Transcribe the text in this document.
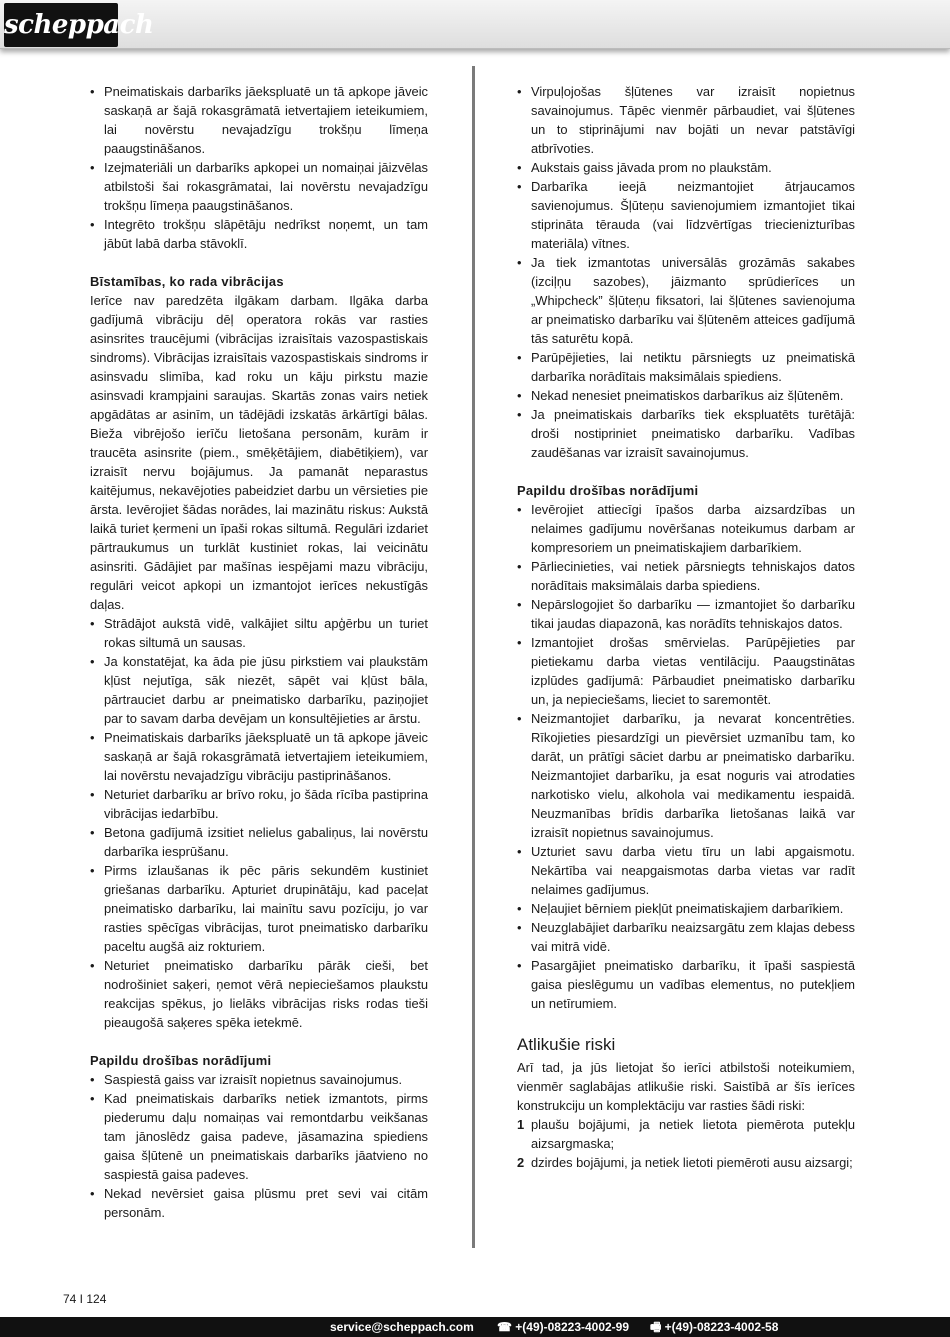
scheppach
• Pneimatiskais darbarīks jāekspluatē un tā apkope jāveic saskaņā ar šajā rokasgrāmatā ietvertajiem ieteikumiem, lai novērstu nevajadzīgu trokšņu līmeņa paaugstināšanos.
• Izejmateriāli un darbarīks apkopei un nomaiņai jāizvēlas atbilstoši šai rokasgrāmatai, lai novērstu nevajadzīgu trokšņu līmeņa paaugstināšanos.
• Integrēto trokšņu slāpētāju nedrīkst noņemt, un tam jābūt labā darba stāvoklī.
Bīstamības, ko rada vibrācijas

Ierīce nav paredzēta ilgākam darbam. Ilgāka darba gadījumā vibrāciju dēļ operatora rokās var rasties asinsrites traucējumi (vibrācijas izraisītais vazospastiskais sindroms). Vibrācijas izraisītais vazospastiskais sindroms ir asinsvadu slimība, kad roku un kāju pirkstu mazie asinsvadi krampjaini saraujas. Skartās zonas vairs netiek apgādātas ar asinīm, un tādējādi izskatās ārkārtīgi bālas. Bieža vibrējošo ierīču lietošana personām, kurām ir traucēta asinsrite (piem., smēķētājiem, diabētiķiem), var izraisīt nervu bojājumus. Ja pamanāt neparastus kaitējumus, nekavējoties pabeidziet darbu un vērsieties pie ārsta. Ievērojiet šādas norādes, lai mazinātu riskus: Aukstā laikā turiet ķermeni un īpaši rokas siltumā. Regulāri izdariet pārtraukumus un turklāt kustiniet rokas, lai veicinātu asinsriti. Gādājiet par mašīnas iespējami mazu vibrāciju, regulāri veicot apkopi un izmantojot ierīces nekustīgās daļas.

• Strādājot aukstā vidē, valkājiet siltu apģērbu un turiet rokas siltumā un sausas.
• Ja konstatējat, ka āda pie jūsu pirkstiem vai plaukstām kļūst nejutīga, sāk niezēt, sāpēt vai kļūst bāla, pārtrauciet darbu ar pneimatisko darbarīku, paziņojiet par to savam darba devējam un konsultējieties ar ārstu.
• Pneimatiskais darbarīks jāekspluatē un tā apkope jāveic saskaņā ar šajā rokasgrāmatā ietvertajiem ieteikumiem, lai novērstu nevajadzīgu vibrāciju pastiprināšanos.
• Neturiet darbarīku ar brīvo roku, jo šāda rīcība pastiprina vibrācijas iedarbību.
• Betona gadījumā izsitiet nelielus gabaliņus, lai novērstu darbarīka iesprūšanu.
• Pirms izlaušanas ik pēc pāris sekundēm kustiniet griešanas darbarīku. Apturiet drupinātāju, kad paceļat pneimatisko darbarīku, lai mainītu savu pozīciju, jo var rasties spēcīgas vibrācijas, turot pneimatisko darbarīku paceltu augšā aiz rokturiem.
• Neturiet pneimatisko darbarīku pārāk cieši, bet nodrošiniet saķeri, ņemot vērā nepieciešamos plaukstu reakcijas spēkus, jo lielāks vibrācijas risks rodas tieši pieaugošā saķeres spēka ietekmē.
Papildu drošības norādījumi
• Saspiestā gaiss var izraisīt nopietnus savainojumus.
• Kad pneimatiskais darbarīks netiek izmantots, pirms piederumu daļu nomaiņas vai remontdarbu veikšanas tam jānoslēdz gaisa padeve, jāsamazina spiediens gaisa šļūtenē un pneimatiskais darbarīks jāatvieno no saspiestā gaisa padeves.
• Nekad nevērsiet gaisa plūsmu pret sevi vai citām personām.
• Virpuļojošas šļūtenes var izraisīt nopietnus savainojumus. Tāpēc vienmēr pārbaudiet, vai šļūtenes un to stiprinājumi nav bojāti un nevar patstāvīgi atbrīvoties.
• Aukstais gaiss jāvada prom no plaukstām.
• Darbarīka ieejā neizmantojiet ātrjaucamos savienojumus. Šļūteņu savienojumiem izmantojiet tikai stiprināta tērauda (vai līdzvērtīgas triecienizturības materiāla) vītnes.
• Ja tiek izmantotas universālās grozāmās sakabes (izciļņu sazobes), jāizmanto sprūdierīces un „Whipcheck” šļūteņu fiksatori, lai šļūtenes savienojuma ar pneimatisko darbarīku vai šļūtenēm atteices gadījumā tās saturētu kopā.
• Parūpējieties, lai netiktu pārsniegts uz pneimatiskā darbarīka norādītais maksimālais spiediens.
• Nekad nenesiet pneimatiskos darbarīkus aiz šļūtenēm.
• Ja pneimatiskais darbarīks tiek ekspluatēts turētājā: droši nostipriniet pneimatisko darbarīku. Vadības zaudēšanas var izraisīt savainojumus.
Papildu drošības norādījumi
• Ievērojiet attiecīgi īpašos darba aizsardzības un nelaimes gadījumu novēršanas noteikumus darbam ar kompresoriem un pneimatiskajiem darbarīkiem.
• Pārliecinieties, vai netiek pārsniegts tehniskajos datos norādītais maksimālais darba spiediens.
• Nepārslogojiet šo darbarīku — izmantojiet šo darbarīku tikai jaudas diapazonā, kas norādīts tehniskajos datos.
• Izmantojiet drošas smērvielas. Parūpējieties par pietiekamu darba vietas ventilāciju. Paaugstinātas izplūdes gadījumā: Pārbaudiet pneimatisko darbarīku un, ja nepieciešams, lieciet to saremontēt.
• Neizmantojiet darbarīku, ja nevarat koncentrēties. Rīkojieties piesardzīgi un pievērsiet uzmanību tam, ko darāt, un prātīgi sāciet darbu ar pneimatisko darbarīku. Neizmantojiet darbarīku, ja esat noguris vai atrodaties narkotisko vielu, alkohola vai medikamentu iespaidā. Neuzmanības brīdis darbarīka lietošanas laikā var izraisīt nopietnus savainojumus.
• Uzturiet savu darba vietu tīru un labi apgaismotu. Nekārtība vai neapgaismotas darba vietas var radīt nelaimes gadījumus.
• Neļaujiet bērniem piekļūt pneimatiskajiem darbarīkiem.
• Neuzglabājiet darbarīku neaizsargātu zem klajas debess vai mitrā vidē.
• Pasargājiet pneimatisko darbarīku, it īpaši saspiestā gaisa pieslēgumu un vadības elementus, no putekļiem un netīrumiem.
Atlikušie riski

Arī tad, ja jūs lietojat šo ierīci atbilstoši noteikumiem, vienmēr saglabājas atlikušie riski. Saistībā ar šīs ierīces konstrukciju un komplektāciju var rasties šādi riski:

1 plaušu bojājumi, ja netiek lietota piemērota putekļu aizsargmaska;
2 dzirdes bojājumi, ja netiek lietoti piemēroti ausu aizsargi;
74 I 124
service@scheppach.com ☎ +(49)-08223-4002-99 🖷 +(49)-08223-4002-58
